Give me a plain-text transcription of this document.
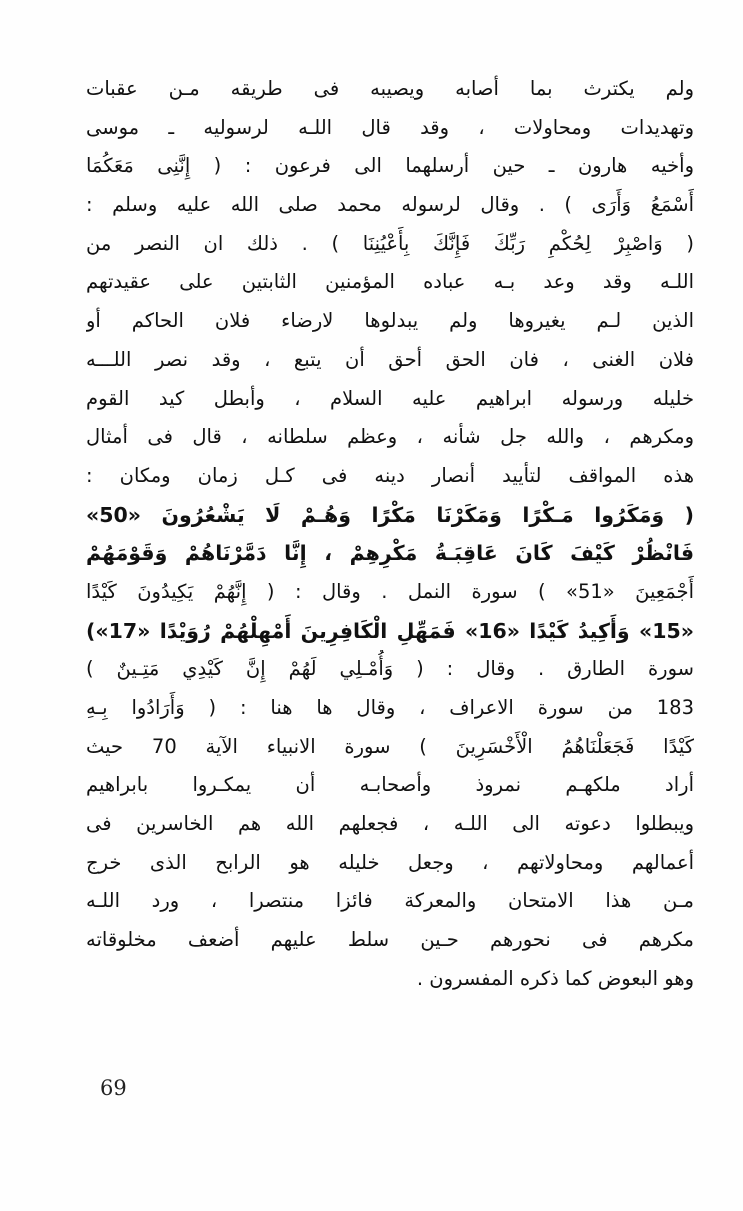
ولم يكترث بما أصابه ويصيبه فى طريقه مـن عقبات
وتهديدات ومحاولات ، وقد قال اللـه لرسوليه ـ موسى
وأخيه هارون ـ حين أرسلهما الى فرعون : ( إِنَّنِى مَعَكُمَا
أَسْمَعُ وَأَرَى ) . وقال لرسوله محمد صلى الله عليه وسلم :
( وَاصْبِرْ لِحُكْمِ رَبِّكَ فَإِنَّكَ بِأَعْيُنِنَا ) . ذلك ان النصر من
اللـه وقد وعد بـه عباده المؤمنين الثابتين على عقيدتهم
الذين لـم يغيروها ولم يبدلوها لارضاء فلان الحاكم أو
فلان الغنى ، فان الحق أحق أن يتبع ، وقد نصر اللـــه
خليله ورسوله ابراهيم عليه السلام ، وأبطل كيد القوم
ومكرهم ، والله جل شأنه ، وعظم سلطانه ، قال فى أمثال
هذه المواقف لتأييد أنصار دينه فى كـل زمان ومكان :
( وَمَكَرُوا مَـكْرًا وَمَكَرْنَا مَكْرًا وَهُـمْ لَا يَشْعُرُونَ «50»
فَانْظُرْ كَيْفَ كَانَ عَاقِبَـةُ مَكْرِهِمْ ، إِنَّا دَمَّرْنَاهُمْ وَقَوْمَهُمْ
أَجْمَعِينَ «51» ) سورة النمل . وقال : ( إِنَّهُمْ يَكِيدُونَ كَيْدًا
«15» وَأَكِيدُ كَيْدًا «16» فَمَهِّلِ الْكَافِرِينَ أَمْهِلْهُمْ رُوَيْدًا «17»)
سورة الطارق . وقال : ( وَأُمْـلِي لَهُمْ إِنَّ كَيْدِي مَتِـينٌ )
183 من سورة الاعراف ، وقال ها هنا : ( وَأَرَادُوا بِـهِ
كَيْدًا فَجَعَلْنَاهُمُ الْأَخْسَرِينَ ) سورة الانبياء الآية 70 حيث
أراد ملكهـم نمروذ وأصحابـه أن يمكـروا بابراهيم
ويبطلوا دعوته الى اللـه ، فجعلهم الله هم الخاسرين فى
أعمالهم ومحاولاتهم ، وجعل خليله هو الرابح الذى خرج
مـن هذا الامتحان والمعركة فائزا منتصرا ، ورد اللـه
مكرهم فى نحورهم حـين سلط عليهم أضعف مخلوقاته
وهو البعوض كما ذكره المفسرون .
69
